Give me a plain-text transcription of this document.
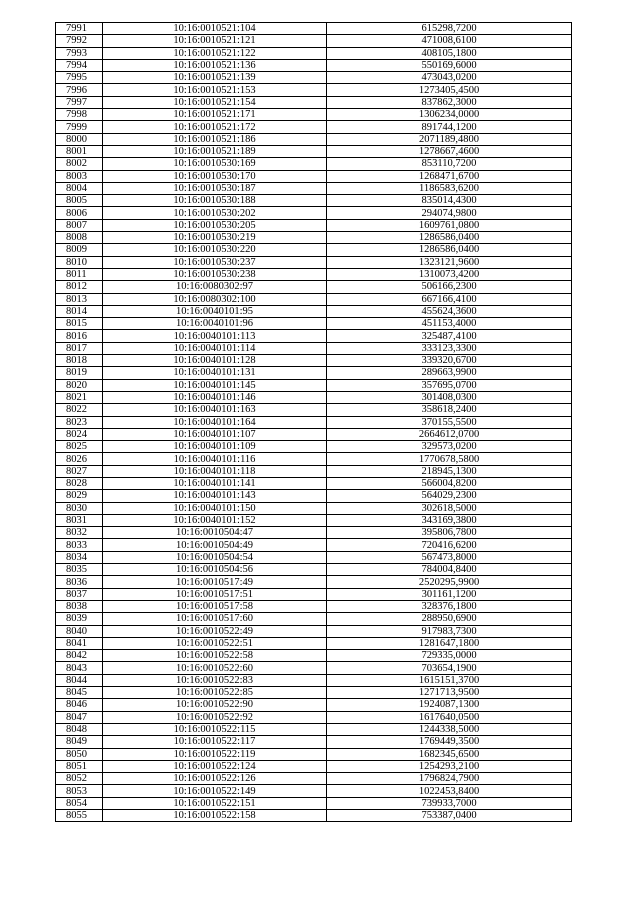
7991	10:16:0010521:104	615298,7200
7992	10:16:0010521:121	471008,6100
7993	10:16:0010521:122	408105,1800
7994	10:16:0010521:136	550169,6000
7995	10:16:0010521:139	473043,0200
7996	10:16:0010521:153	1273405,4500
7997	10:16:0010521:154	837862,3000
7998	10:16:0010521:171	1306234,0000
7999	10:16:0010521:172	891744,1200
8000	10:16:0010521:186	2071189,4800
8001	10:16:0010521:189	1278667,4600
8002	10:16:0010530:169	853110,7200
8003	10:16:0010530:170	1268471,6700
8004	10:16:0010530:187	1186583,6200
8005	10:16:0010530:188	835014,4300
8006	10:16:0010530:202	294074,9800
8007	10:16:0010530:205	1609761,0800
8008	10:16:0010530:219	1286586,0400
8009	10:16:0010530:220	1286586,0400
8010	10:16:0010530:237	1323121,9600
8011	10:16:0010530:238	1310073,4200
8012	10:16:0080302:97	506166,2300
8013	10:16:0080302:100	667166,4100
8014	10:16:0040101:95	455624,3600
8015	10:16:0040101:96	451153,4000
8016	10:16:0040101:113	325487,4100
8017	10:16:0040101:114	333123,3300
8018	10:16:0040101:128	339320,6700
8019	10:16:0040101:131	289663,9900
8020	10:16:0040101:145	357695,0700
8021	10:16:0040101:146	301408,0300
8022	10:16:0040101:163	358618,2400
8023	10:16:0040101:164	370155,5500
8024	10:16:0040101:107	2664612,0700
8025	10:16:0040101:109	329573,0200
8026	10:16:0040101:116	1770678,5800
8027	10:16:0040101:118	218945,1300
8028	10:16:0040101:141	566004,8200
8029	10:16:0040101:143	564029,2300
8030	10:16:0040101:150	302618,5000
8031	10:16:0040101:152	343169,3800
8032	10:16:0010504:47	395806,7800
8033	10:16:0010504:49	720416,6200
8034	10:16:0010504:54	567473,8000
8035	10:16:0010504:56	784004,8400
8036	10:16:0010517:49	2520295,9900
8037	10:16:0010517:51	301161,1200
8038	10:16:0010517:58	328376,1800
8039	10:16:0010517:60	288950,6900
8040	10:16:0010522:49	917983,7300
8041	10:16:0010522:51	1281647,1800
8042	10:16:0010522:58	729335,0000
8043	10:16:0010522:60	703654,1900
8044	10:16:0010522:83	1615151,3700
8045	10:16:0010522:85	1271713,9500
8046	10:16:0010522:90	1924087,1300
8047	10:16:0010522:92	1617640,0500
8048	10:16:0010522:115	1244338,5000
8049	10:16:0010522:117	1769449,3500
8050	10:16:0010522:119	1682345,6500
8051	10:16:0010522:124	1254293,2100
8052	10:16:0010522:126	1796824,7900
8053	10:16:0010522:149	1022453,8400
8054	10:16:0010522:151	739933,7000
8055	10:16:0010522:158	753387,0400
